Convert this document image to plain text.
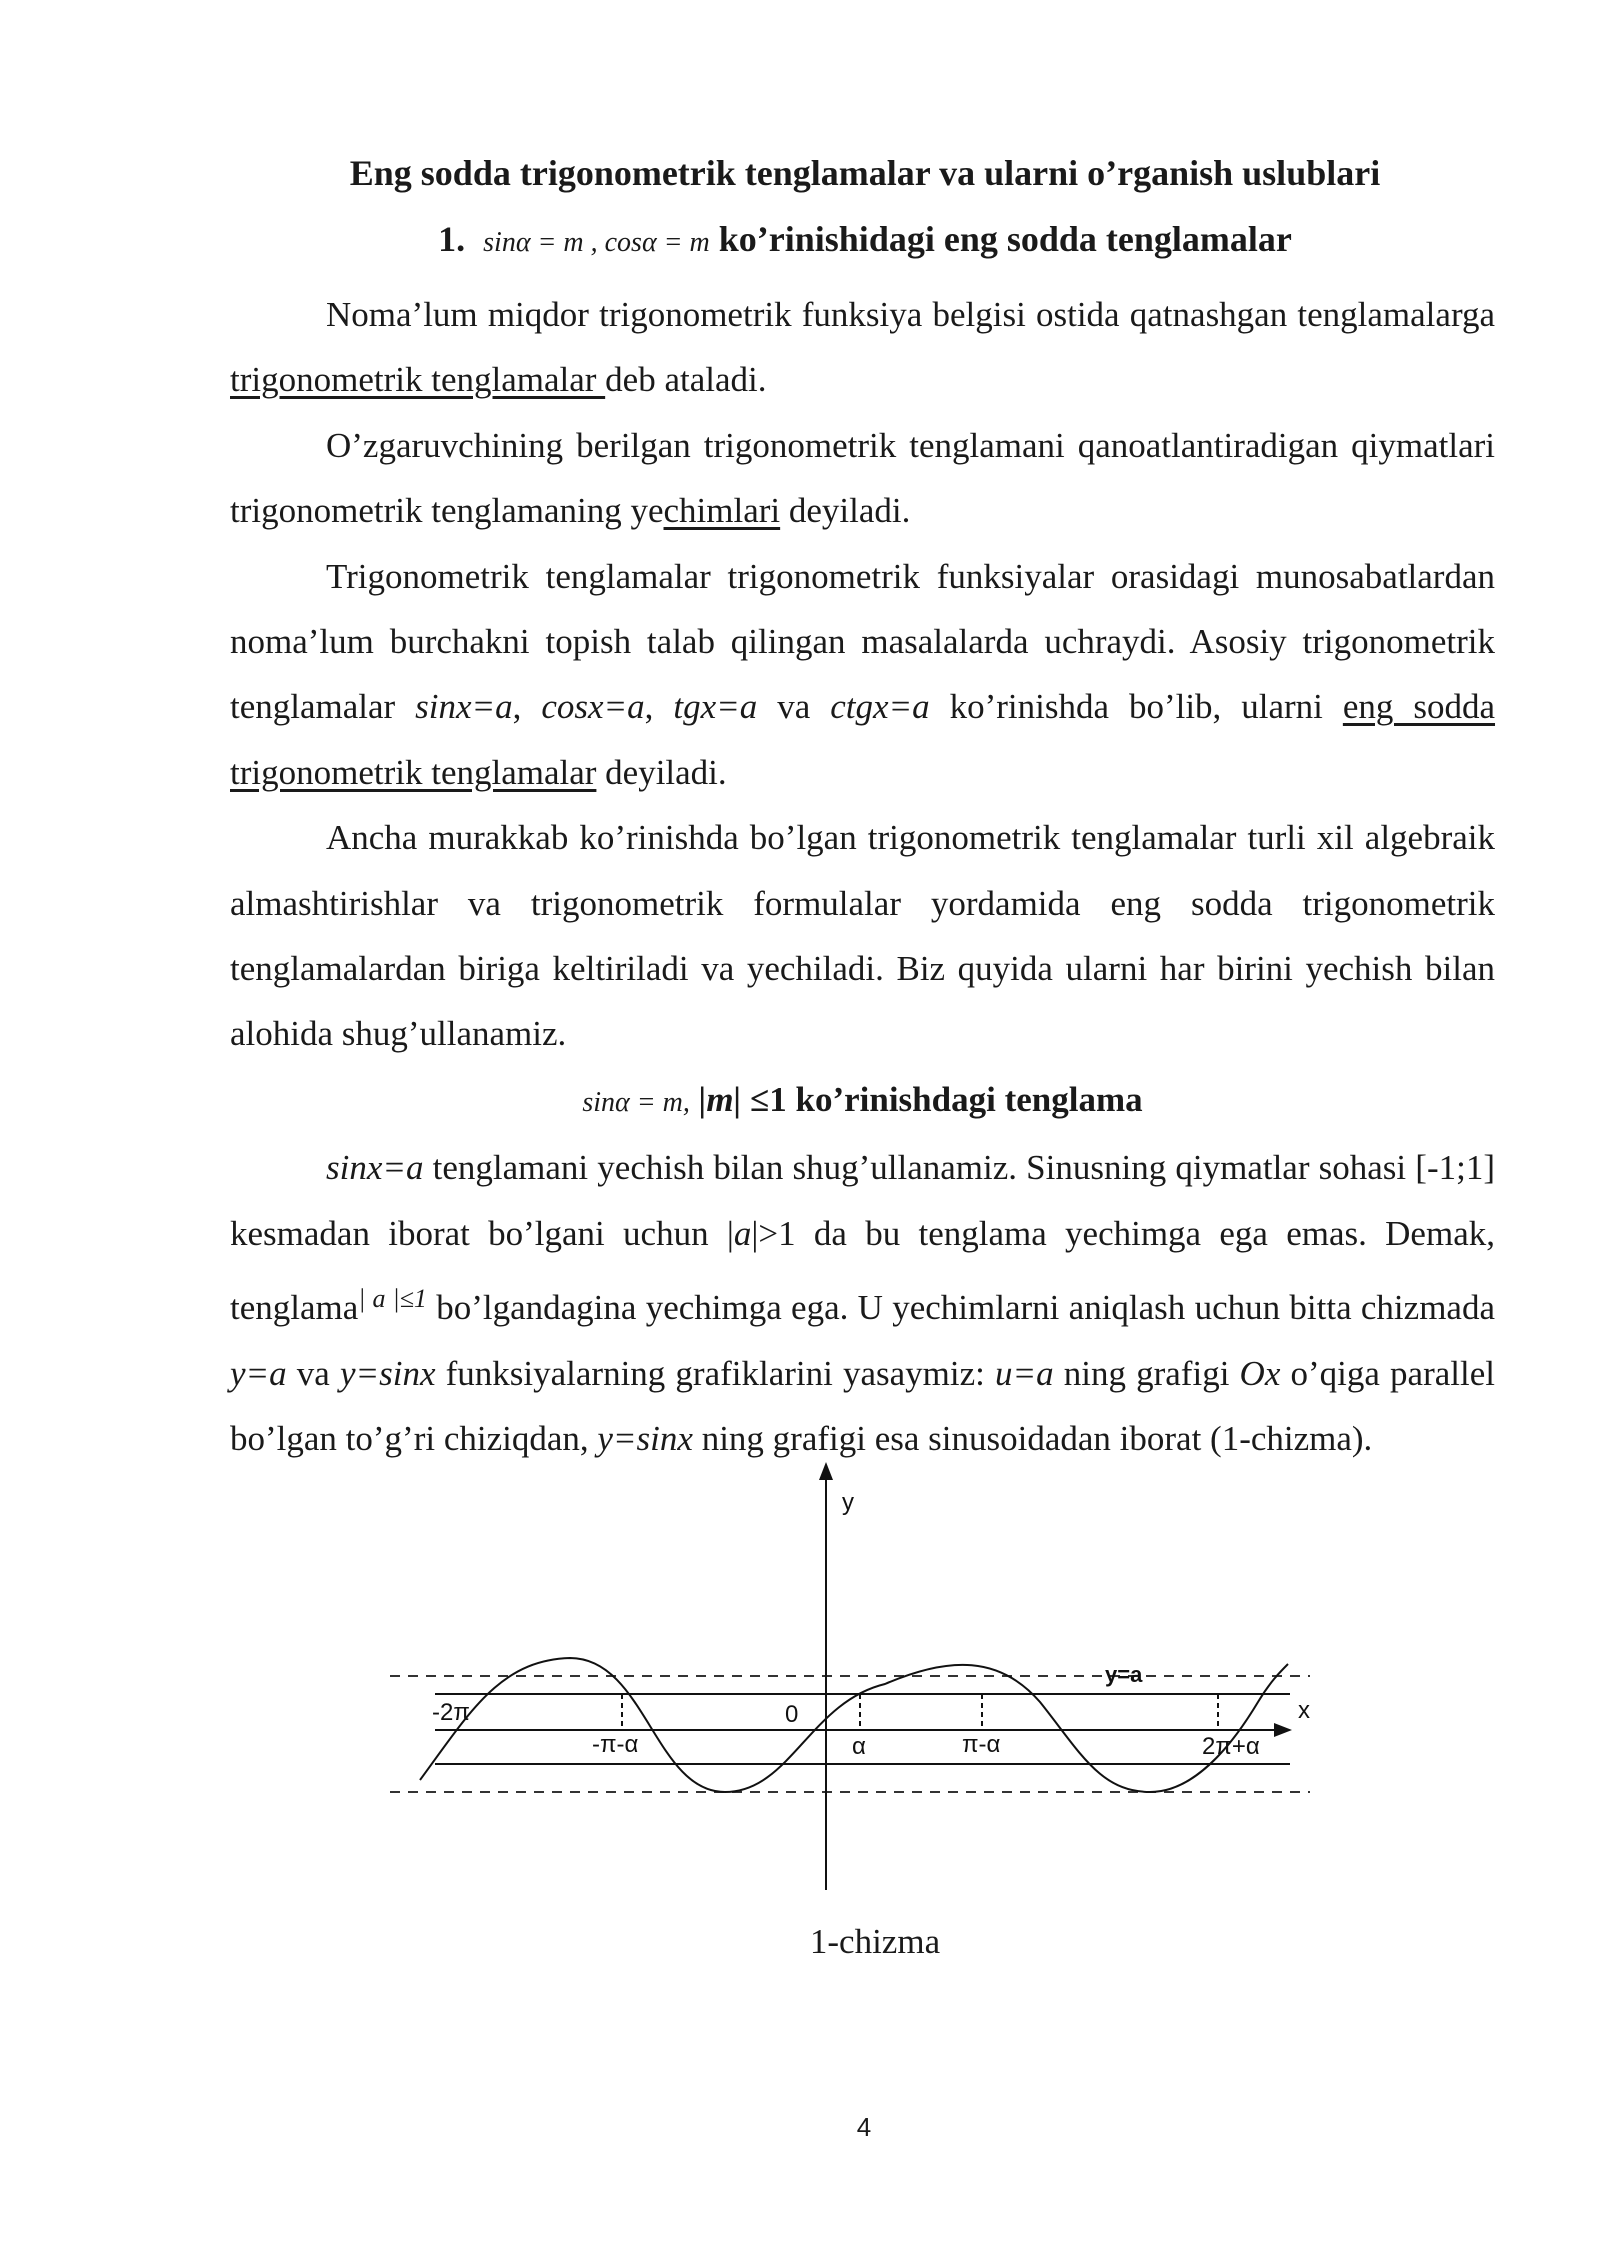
Eng sodda trigonometrik tenglamalar va ularni o’rganish uslublari
1. sinα = m , cosα = m ko’rinishidagi eng sodda tenglamalar

Noma’lum miqdor trigonometrik funksiya belgisi ostida qatnashgan tenglamalarga trigonometrik tenglamalar deb ataladi.

O’zgaruvchining berilgan trigonometrik tenglamani qanoatlantiradigan qiymatlari trigonometrik tenglamaning yechimlari deyiladi.

Trigonometrik tenglamalar trigonometrik funksiyalar orasidagi munosabatlardan noma’lum burchakni topish talab qilingan masalalarda uchraydi. Asosiy trigonometrik tenglamalar sinx=a, cosx=a, tgx=a va ctgx=a ko’rinishda bo’lib, ularni eng sodda trigonometrik tenglamalar deyiladi.

Ancha murakkab ko’rinishda bo’lgan trigonometrik tenglamalar turli xil algebraik almashtirishlar va trigonometrik formulalar yordamida eng sodda trigonometrik tenglamalardan biriga keltiriladi va yechiladi. Biz quyida ularni har birini yechish bilan alohida shug’ullanamiz.

sinα = m, |m| ≤1 ko’rinishdagi tenglama

sinx=a tenglamani yechish bilan shug’ullanamiz. Sinusning qiymatlar sohasi [-1;1] kesmadan iborat bo’lgani uchun |a|>1 da bu tenglama yechimga ega emas. Demak, tenglama$^{| a |\le 1}$ bo’lgandagina yechimga ega. U yechimlarni aniqlash uchun bitta chizmada y=a va y=sinx funksiyalarning grafiklarini yasaymiz: u=a ning grafigi Ox o’qiga parallel bo’lgan to’g’ri chiziqdan, y=sinx ning grafigi esa sinusoidadan iborat (1-chizma).

y
x
y=a
-2π	0
-π-α	α	π-α	2π+α
1-chizma
4
